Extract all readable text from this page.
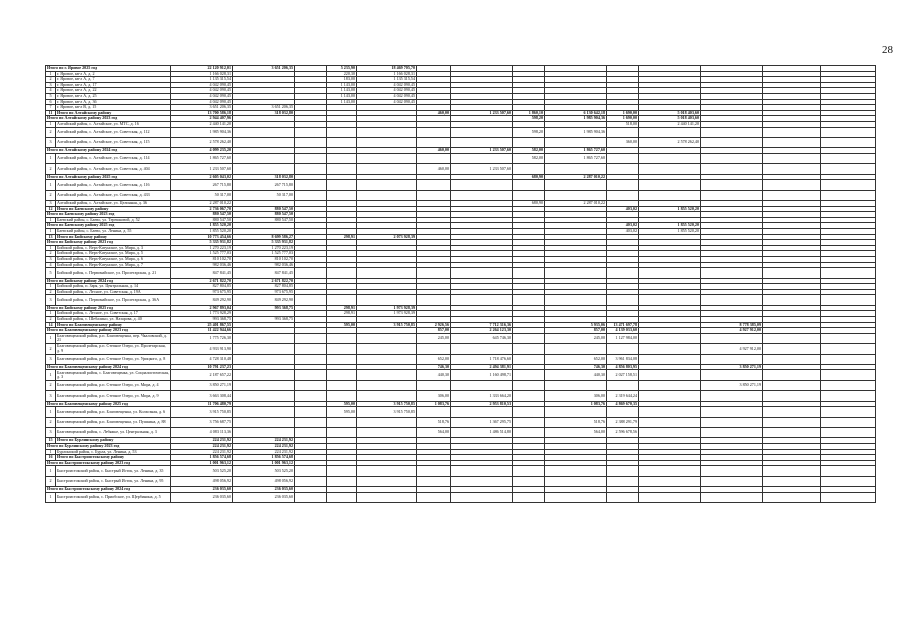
28
Итого по г. Яровое 2025 год		22 120 912,01	3 651 206,35		5 235,90	18 469 705,70									
1	г. Яровое, кв-л А, д. 2	1 166 028,31			220,30	1 166 028,31									
2	г. Яровое, кв-л А, д. 7	1 135 315,54			183,00	1 135 315,54									
3	г. Яровое, кв-л А, д. 17	4 042 090,45			1 143,00	4 042 090,45									
4	г. Яровое, кв-л А, д. 22	4 042 090,45			1 143,00	4 042 090,45									
5	г. Яровое, кв-л А, д. 25	4 042 090,45			1 143,00	4 042 090,45									
6	г. Яровое, кв-л А, д. 36	4 042 090,45			1 143,00	4 042 090,45									
7	г. Яровое, кв-л В, д. 15	3 651 206,35	3 651 206,35												
11	Итого по Алтайскому району	13 700 586,18	318 032,80				460,00	1 233 507,60	1 860,10	6 130 642,18	1 690,00	5 018 403,60			
Итого по Алтайскому району 2023 год		2 944 407,96							598,20	1 985 904,36	1 690,00	5 018 403,60			
1	Алтайский район, с. Алтайское, ул. МТС, д. 16	2 440 141,20									518,00	2 440 141,20			
2	Алтайский район, с. Алтайское, ул. Советская, д. 112	1 985 904,36							598,20	1 985 904,36					
3	Алтайский район, с. Алтайское, ул. Советская, д. 115	2 578 262,40									360,00	2 578 262,40			
Итого по Алтайскому району 2024 год		4 099 235,20					460,00	1 233 507,60	582,00	1 865 727,60					
1	Алтайский район, с. Алтайское, ул. Советская, д. 114	1 865 727,60							582,00	1 865 727,60					
2	Алтайский район, с. Алтайское, ул. Советская, д. 404	1 233 507,60					460,00	1 233 507,60							
Итого по Алтайскому району 2025 год		2 605 043,02	318 032,80						680,90	2 287 010,22					
1	Алтайский район, с. Алтайское, ул. Советская, д. 116	267 715,80	267 715,80												
2	Алтайский район, с. Алтайское, ул. Советская, д. 433	50 317,00	50 317,00												
3	Алтайский район, с. Алтайское, ул. Целинная, д. 36	2 287 010,22							680,90	2 287 010,22					
12	Итого по Баевскому району	2 736 067,70	880 547,50								403,02	1 855 520,20			
Итого по Баевскому району 2023 год		880 547,50	880 547,50												
1	Баевский район, с. Баево, ул. Терешковой, д. 52	880 547,50	880 547,50												
Итого по Баевскому району 2025 год		1 855 520,20									403,02	1 855 520,20			
1	Баевский район, с. Баево, ул. Ленина, д. 55	1 855 520,20									403,02	1 855 520,20			
13	Итого по Бийскому району	10 773 454,66	8 699 586,27		298,91	2 073 928,39									
Итого по Бийскому району 2023 год		5 335 931,82	5 335 931,82												
1	Бийский район, с. Верх-Катунское, ул. Мира, д. 3	1 270 223,19	1 270 223,19												
2	Бийский район, с. Верх-Катунское, ул. Мира, д. 5	1 525 777,03	1 525 777,03												
3	Бийский район, с. Верх-Катунское, ул. Мира, д. 6	810 102,70	810 102,70												
4	Бийский район, с. Верх-Катунское, ул. Мира, д. 7	982 036,46	982 036,46												
5	Бийский район, с. Первомайское, ул. Пролетарская, д. 21	847 841,45	847 841,45												
Итого по Бийскому району 2024 год		2 671 822,70	2 671 822,70												
1	Бийский район, п. Заря, ул. Центральная, д. 14	827 804,85	827 804,85												
2	Бийский район, с. Лесное, ул. Советская, д. 19А	973 675,95	973 675,95												
3	Бийский район, с. Первомайское, ул. Пролетарская, д. 36А	849 292,90	849 292,90												
Итого по Бийскому району 2025 год		2 967 893,04	993 368,75		298,91	1 973 928,39									
1	Бийский район, с. Лесное, ул. Советская, д. 17	1 773 928,29			298,91	1 973 928,39									
2	Бийский район, с. Шебалино, ул. Назарова, д. 40	993 368,75	993 368,75												
14	Итого по Благовещенскому району	25 401 867,55			595,00	3 915 750,85	2 926,56	7 712 316,36		5 935,06	13 471 697,78		8 778 385,09		
Итого по Благовещенскому району 2023 год		11 422 944,66					857,00	2 264 123,30		857,00	4 139 033,60		4 927 912,00		
1	Благовещенский район, р.п. Благовещенка, пер. Чкаловский, д. 21	1 775 726,30					245,00	645 746,30		245,00	1 127 984,00				
2	Благовещенский район, р.п. Степное Озеро, ул. Пролетарская, д. 9	4 933 913,90											4 927 912,00		
3	Благовещенский район, р.п. Степное Озеро, ул. Урицкого, д. 8	4 728 310,48					652,00	1 718 476,60		652,00	3 961 834,08				
Итого по Благовещенскому району 2024 год		10 791 237,23					746,30	2 494 381,91		746,30	4 856 803,95		3 850 271,19		
1	Благовещенский район, с. Благовещенка, ул. Социалистическая, д. 3	2 187 657,22					440,30	1 160 498,71		440,30	2 027 158,51				
2	Благовещенский район, р.п. Степное Озеро, ул. Мира, д. 4	3 850 271,19											3 850 271,19		
3	Благовещенский район, р.п. Степное Озеро, ул. Мира, д. 9	3 663 308,44					306,00	1 333 664,20		306,00	2 319 644,24				
Итого по Благовещенскому району 2025 год		11 706 480,79			595,00	3 915 750,85	1 083,76	2 953 810,53		1 083,76	4 869 670,35				
1	Благовещенский район, р.п. Благовещенка, ул. Колхозная, д. 6	3 915 750,85			595,00	3 915 750,85									
2	Благовещенский район, р.п. Благовещенка, ул. Пушкина, д. 88	3 756 687,75					518,76	1 367 295,75		518,76	2 388 291,79				
3	Благовещенский район, с. Лебяжье, ул. Центральная, д. 3	4 083 113,36					564,00	1 486 514,80		564,00	2 596 678,56				
15	Итого по Бурлинскому району	224 231,92	224 231,92												
Итого по Бурлинскому району 2023 год		224 231,92	224 231,92												
1	Бурлинский район, с. Бурла, ул. Ленина, д. 53	224 231,92	224 231,92												
16	Итого по Быстроистокскому району	1 856 574,68	1 856 574,68												
Итого по Быстроистокскому району 2023 год		1 001 963,12	1 001 963,12												
1	Быстроистокский район, с. Быстрый Исток, ул. Ленина, д. 35	503 525,20	503 525,20												
2	Быстроистокский район, с. Быстрый Исток, ул. Ленина, д. 95	498 056,92	498 056,92												
Итого по Быстроистокскому району 2024 год		236 035,60	236 035,60												
1	Быстроистокский район, с. Приобское, ул. Щербинина, д. 5	236 035,60	236 035,60												
